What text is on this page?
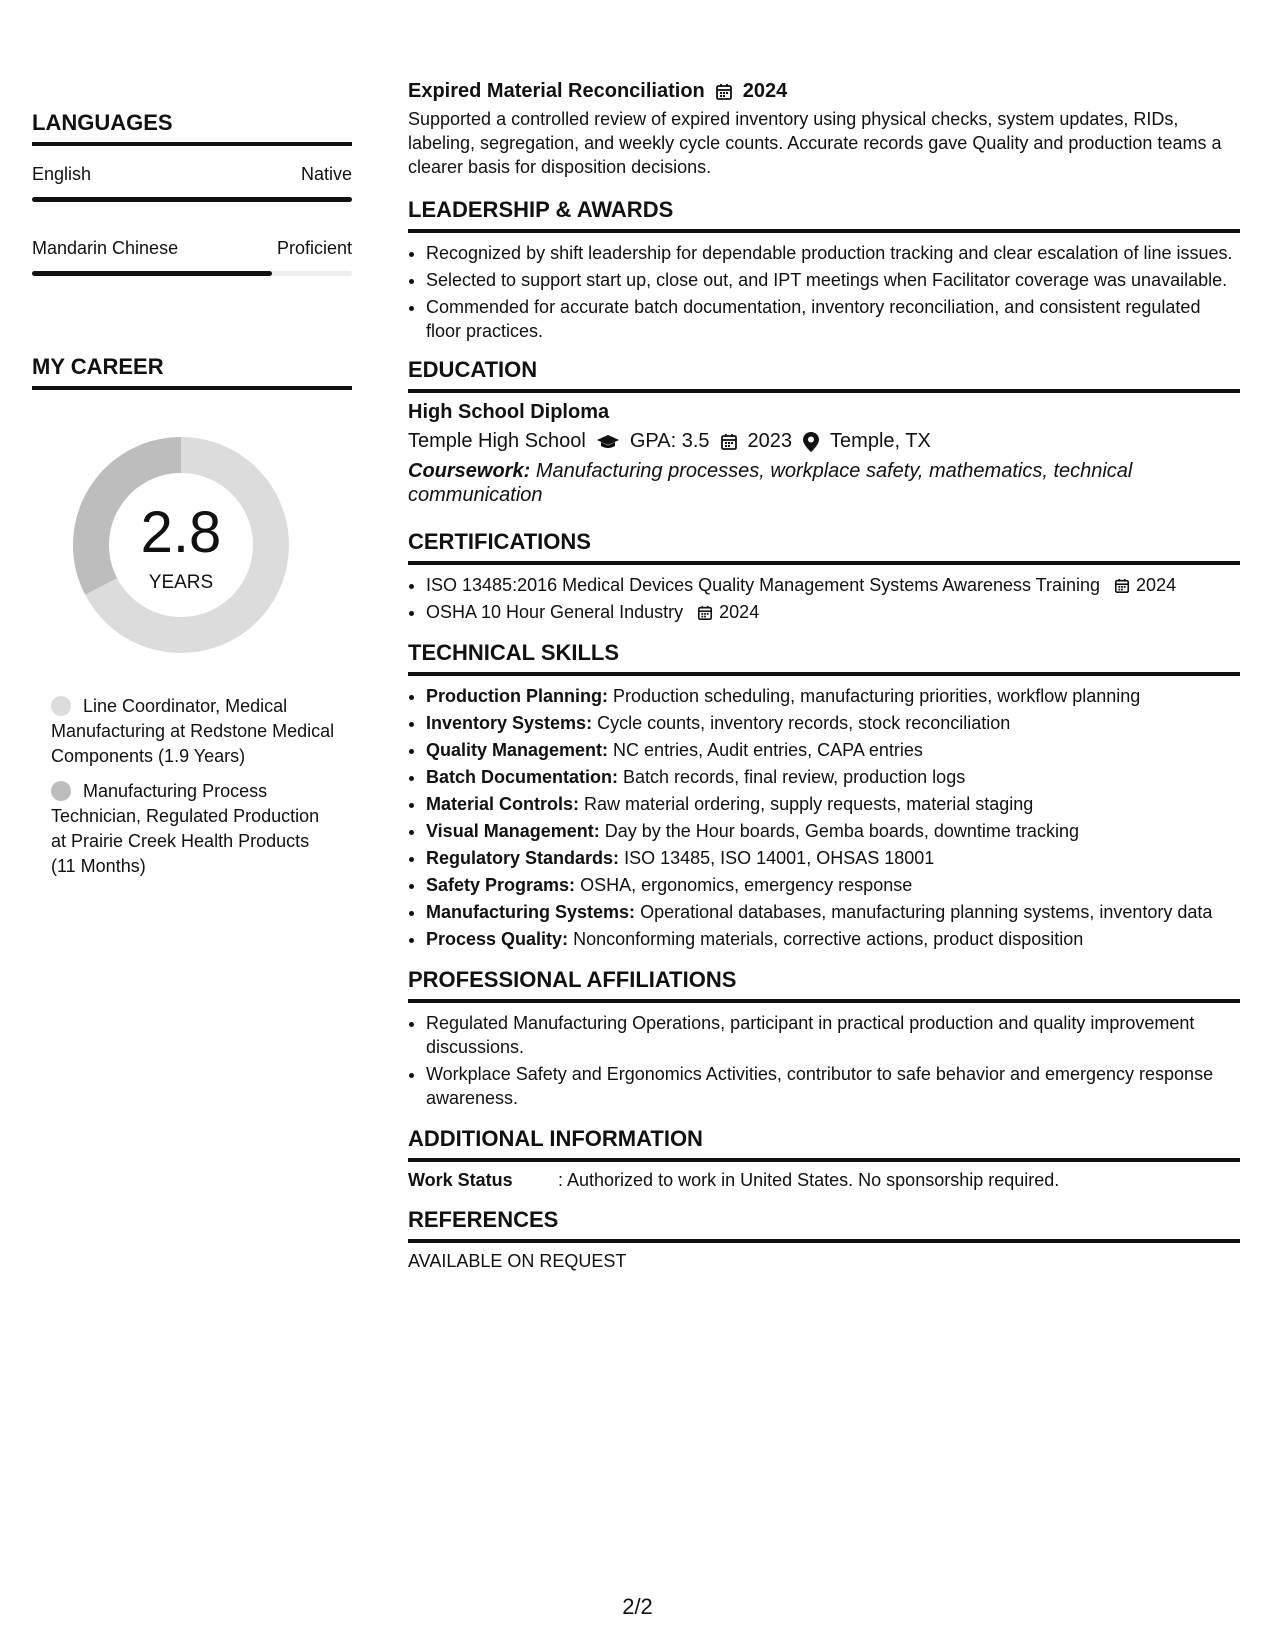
LANGUAGES
English	Native
Mandarin Chinese	Proficient
MY CAREER
2.8
YEARS
Line Coordinator, Medical Manufacturing at Redstone Medical Components (1.9 Years)
Manufacturing Process Technician, Regulated Production at Prairie Creek Health Products (11 Months)
Expired Material Reconciliation 2024

Supported a controlled review of expired inventory using physical checks, system updates, RIDs, labeling, segregation, and weekly cycle counts. Accurate records gave Quality and production teams a clearer basis for disposition decisions.

LEADERSHIP & AWARDS
• Recognized by shift leadership for dependable production tracking and clear escalation of line issues.
• Selected to support start up, close out, and IPT meetings when Facilitator coverage was unavailable.
• Commended for accurate batch documentation, inventory reconciliation, and consistent regulated floor practices.
EDUCATION
High School Diploma
Temple High School GPA: 3.5 2023 Temple, TX
Coursework: Manufacturing processes, workplace safety, mathematics, technical communication
CERTIFICATIONS
• ISO 13485:2016 Medical Devices Quality Management Systems Awareness Training 2024
• OSHA 10 Hour General Industry 2024
TECHNICAL SKILLS
• Production Planning: Production scheduling, manufacturing priorities, workflow planning
• Inventory Systems: Cycle counts, inventory records, stock reconciliation
• Quality Management: NC entries, Audit entries, CAPA entries
• Batch Documentation: Batch records, final review, production logs
• Material Controls: Raw material ordering, supply requests, material staging
• Visual Management: Day by the Hour boards, Gemba boards, downtime tracking
• Regulatory Standards: ISO 13485, ISO 14001, OHSAS 18001
• Safety Programs: OSHA, ergonomics, emergency response
• Manufacturing Systems: Operational databases, manufacturing planning systems, inventory data
• Process Quality: Nonconforming materials, corrective actions, product disposition
PROFESSIONAL AFFILIATIONS
• Regulated Manufacturing Operations, participant in practical production and quality improvement discussions.
• Workplace Safety and Ergonomics Activities, contributor to safe behavior and emergency response awareness.
ADDITIONAL INFORMATION
Work Status	: Authorized to work in United States. No sponsorship required.
REFERENCES
AVAILABLE ON REQUEST
2/2
